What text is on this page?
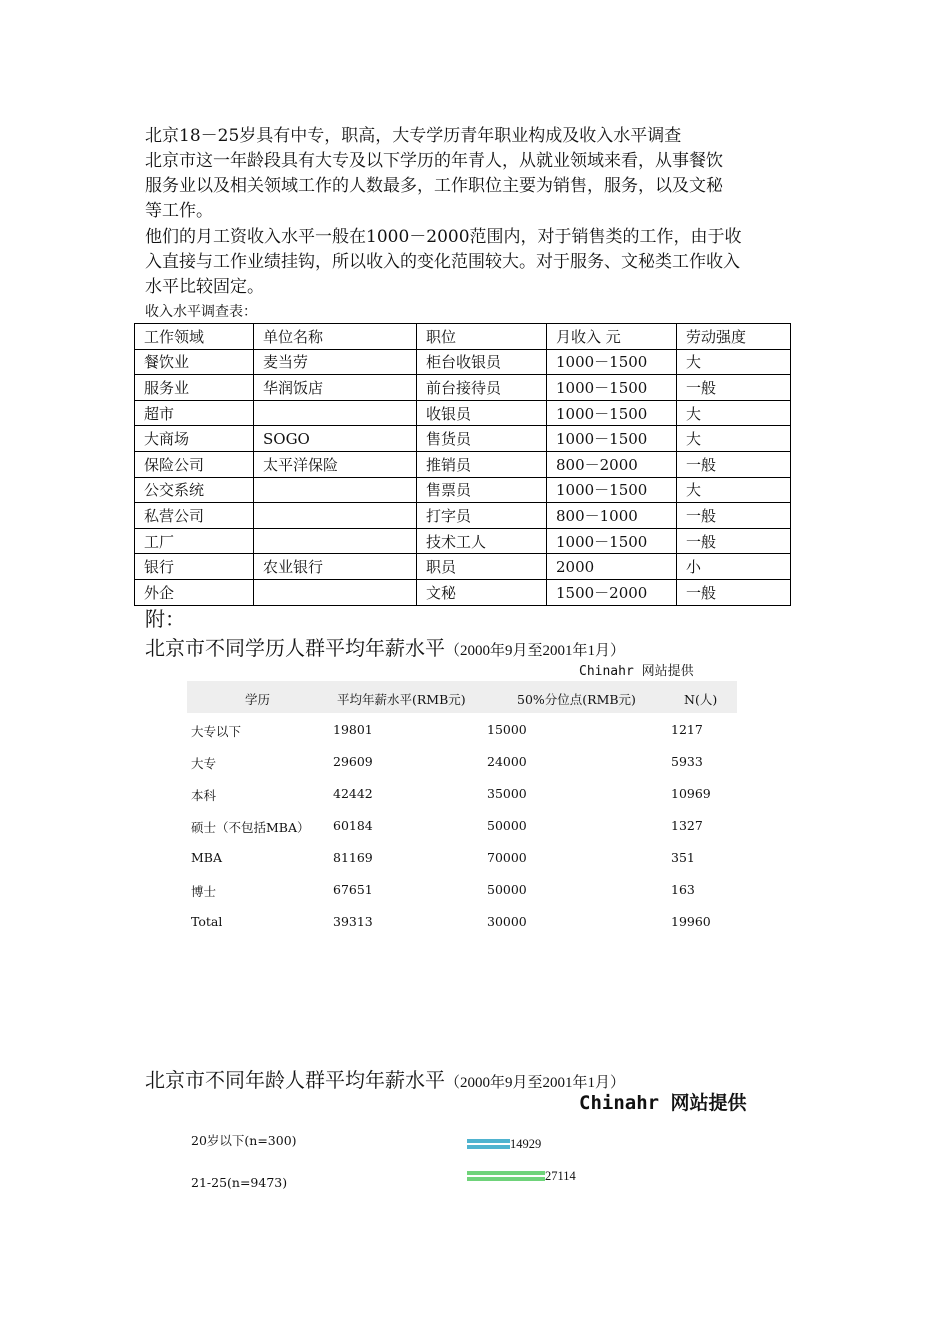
北京18－25岁具有中专，职高，大专学历青年职业构成及收入水平调查

北京市这一年龄段具有大专及以下学历的年青人，从就业领域来看，从事餐饮

服务业以及相关领域工作的人数最多，工作职位主要为销售，服务，以及文秘

等工作。

他们的月工资收入水平一般在1000－2000范围内，对于销售类的工作，由于收

入直接与工作业绩挂钩，所以收入的变化范围较大。对于服务、文秘类工作收入

水平比较固定。

收入水平调查表：

工作领域	单位名称	职位	月收入 元	劳动强度
餐饮业	麦当劳	柜台收银员	1000－1500	大
服务业	华润饭店	前台接待员	1000－1500	一般
超市		收银员	1000－1500	大
大商场	SOGO	售货员	1000－1500	大
保险公司	太平洋保险	推销员	800－2000	一般
公交系统		售票员	1000－1500	大
私营公司		打字员	800－1000	一般
工厂		技术工人	1000－1500	一般
银行	农业银行	职员	2000	小
外企		文秘	1500－2000	一般
附：
北京市不同学历人群平均年薪水平（2000年9月至2001年1月）
Chinahr 网站提供
学历	平均年薪水平(RMB元)	50%分位点(RMB元)	N(人)
大专以下	19801	15000	1217
大专	29609	24000	5933
本科	42442	35000	10969
硕士（不包括MBA） 60184	50000	1327
MBA	81169	70000	351
博士	67651	50000	163
Total	39313	30000	19960
北京市不同年龄人群平均年薪水平（2000年9月至2001年1月）
Chinahr 网站提供
20岁以下(n=300)	14929
21-25(n=9473)	27114
